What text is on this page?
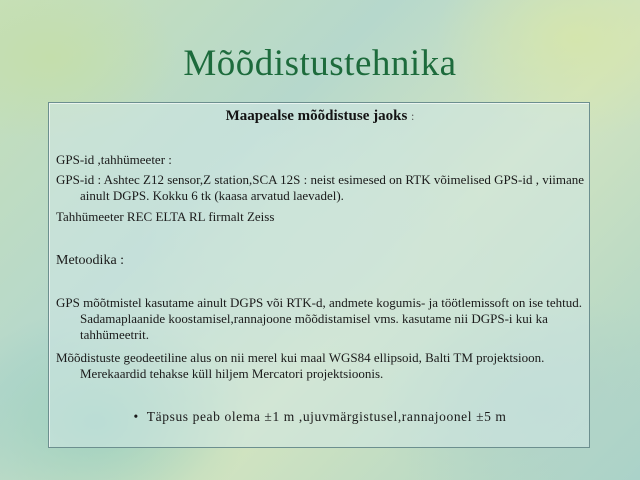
Mõõdistustehnika
Maapealse mõõdistuse jaoks :
GPS-id ,tahhümeeter :
GPS-id : Ashtec Z12 sensor,Z station,SCA 12S : neist esimesed on RTK võimelised GPS-id , viimane ainult DGPS. Kokku 6 tk (kaasa arvatud laevadel).
Tahhümeeter REC ELTA RL firmalt Zeiss
Metoodika :
GPS mõõtmistel kasutame ainult DGPS või RTK-d, andmete kogumis- ja töötlemissoft on ise tehtud. Sadamaplaanide koostamisel,rannajoone mõõdistamisel vms. kasutame nii DGPS-i kui ka tahhümeetrit.
Mõõdistuste geodeetiline alus on nii merel kui maal WGS84 ellipsoid, Balti TM projektsioon. Merekaardid tehakse küll hiljem Mercatori projektsioonis.
• Täpsus peab olema ±1 m ,ujuvmärgistusel,rannajoonel ±5 m
